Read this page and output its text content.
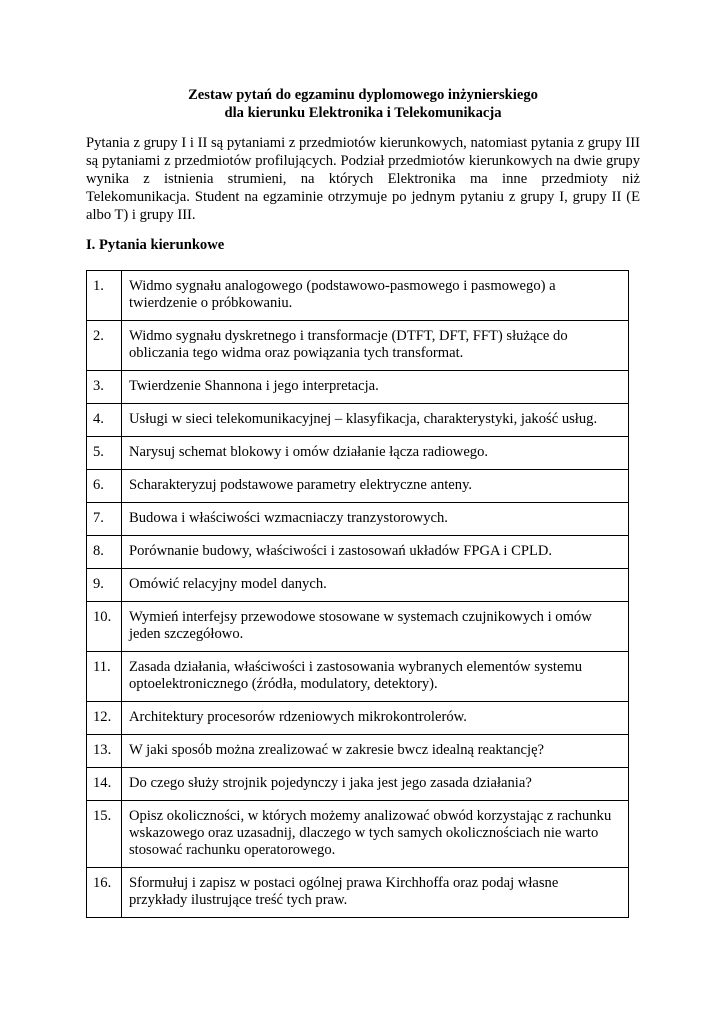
Zestaw pytań do egzaminu dyplomowego inżynierskiego
dla kierunku Elektronika i Telekomunikacja

Pytania z grupy I i II są pytaniami z przedmiotów kierunkowych, natomiast pytania z grupy III są pytaniami z przedmiotów profilujących. Podział przedmiotów kierunkowych na dwie grupy wynika z istnienia strumieni, na których Elektronika ma inne przedmioty niż Telekomunikacja. Student na egzaminie otrzymuje po jednym pytaniu z grupy I, grupy II (E albo T) i grupy III.

I. Pytania kierunkowe
1.	Widmo sygnału analogowego (podstawowo-pasmowego i pasmowego) a twierdzenie o próbkowaniu.
2.	Widmo sygnału dyskretnego i transformacje (DTFT, DFT, FFT) służące do obliczania tego widma oraz powiązania tych transformat.
3.	Twierdzenie Shannona i jego interpretacja.
4.	Usługi w sieci telekomunikacyjnej – klasyfikacja, charakterystyki, jakość usług.
5.	Narysuj schemat blokowy i omów działanie łącza radiowego.
6.	Scharakteryzuj podstawowe parametry elektryczne anteny.
7.	Budowa i właściwości wzmacniaczy tranzystorowych.
8.	Porównanie budowy, właściwości i zastosowań układów FPGA i CPLD.
9.	Omówić relacyjny model danych.
10.	Wymień interfejsy przewodowe stosowane w systemach czujnikowych i omów jeden szczegółowo.
11.	Zasada działania, właściwości i zastosowania wybranych elementów systemu optoelektronicznego (źródła, modulatory, detektory).
12.	Architektury procesorów rdzeniowych mikrokontrolerów.
13.	W jaki sposób można zrealizować w zakresie bwcz idealną reaktancję?
14.	Do czego służy strojnik pojedynczy i jaka jest jego zasada działania?
15.	Opisz okoliczności, w których możemy analizować obwód korzystając z rachunku wskazowego oraz uzasadnij, dlaczego w tych samych okolicznościach nie warto stosować rachunku operatorowego.
16.	Sformułuj i zapisz w postaci ogólnej prawa Kirchhoffa oraz podaj własne przykłady ilustrujące treść tych praw.
